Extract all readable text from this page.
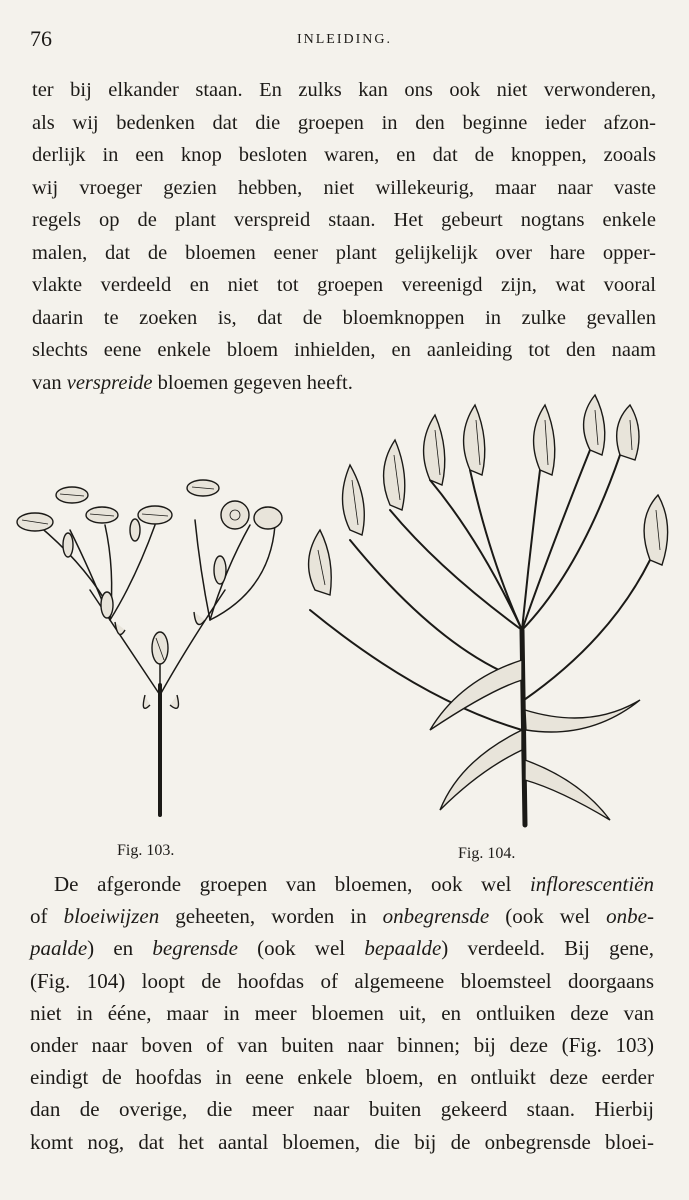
76	INLEIDING.
ter bij elkander staan. En zulks kan ons ook niet verwonderen,
als wij bedenken dat die groepen in den beginne ieder afzon-
derlijk in een knop besloten waren, en dat de knoppen, zooals
wij vroeger gezien hebben, niet willekeurig, maar naar vaste
regels op de plant verspreid staan. Het gebeurt nogtans enkele
malen, dat de bloemen eener plant gelijkelijk over hare opper-
vlakte verdeeld en niet tot groepen vereenigd zijn, wat vooral
daarin te zoeken is, dat de bloemknoppen in zulke gevallen
slechts eene enkele bloem inhielden, en aanleiding tot den naam
van verspreide bloemen gegeven heeft.
Fig. 103.	Fig. 104.
De afgeronde groepen van bloemen, ook wel inflorescentiën
of bloeiwijzen geheeten, worden in onbegrensde (ook wel onbe-
paalde) en begrensde (ook wel bepaalde) verdeeld. Bij gene,
(Fig. 104) loopt de hoofdas of algemeene bloemsteel doorgaans
niet in ééne, maar in meer bloemen uit, en ontluiken deze van
onder naar boven of van buiten naar binnen; bij deze (Fig. 103)
eindigt de hoofdas in eene enkele bloem, en ontluikt deze eerder
dan de overige, die meer naar buiten gekeerd staan. Hierbij
komt nog, dat het aantal bloemen, die bij de onbegrensde bloei-
